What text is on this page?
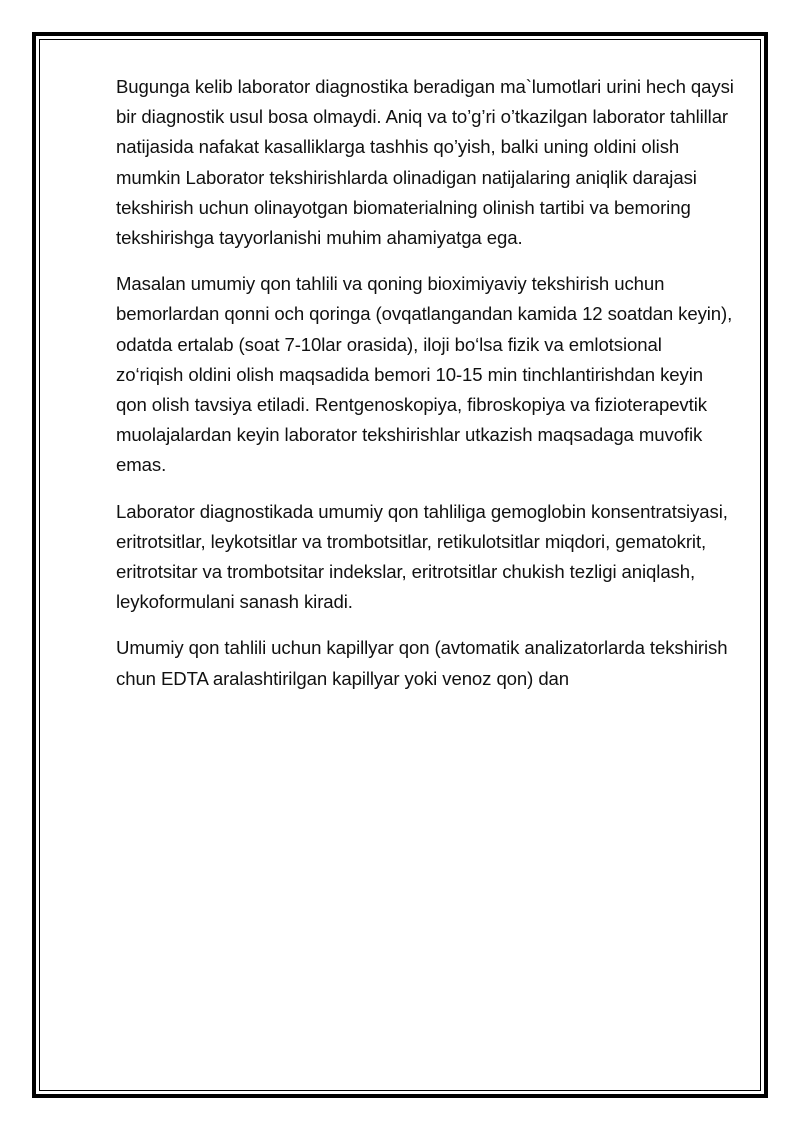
Bugunga kelib laborator diagnostika beradigan ma`lumotlari urini hech qaysi bir diagnostik usul bosa olmaydi. Aniq va to’g’ri o’tkazilgan laborator tahlillar natijasida nafakat kasalliklarga tashhis qo’yish, balki uning oldini olish mumkin Laborator tekshirishlarda olinadigan natijalaring aniqlik darajasi tekshirish uchun olinayotgan biomaterialning olinish tartibi va bemoring tekshirishga tayyorlanishi muhim ahamiyatga ega.

Masalan umumiy qon tahlili va qoning bioximiyaviy tekshirish uchun bemorlardan qonni och qoringa (ovqatlangandan kamida 12 soatdan keyin), odatda ertalab (soat 7-10lar orasida), iloji bo‘lsa fizik va emlotsional zo‘riqish oldini olish maqsadida bemori 10-15 min tinchlantirishdan keyin qon olish tavsiya etiladi. Rentgenoskopiya, fibroskopiya va fizioterapevtik muolajalardan keyin laborator tekshirishlar utkazish maqsadaga muvofik emas.

Laborator diagnostikada umumiy qon tahliliga gemoglobin konsentratsiyasi, eritrotsitlar, leykotsitlar va trombotsitlar, retikulotsitlar miqdori, gematokrit, eritrotsitar va trombotsitar indekslar, eritrotsitlar chukish tezligi aniqlash, leykoformulani sanash kiradi.

Umumiy qon tahlili uchun kapillyar qon (avtomatik analizatorlarda tekshirish chun EDTA aralashtirilgan kapillyar yoki venoz qon) dan
